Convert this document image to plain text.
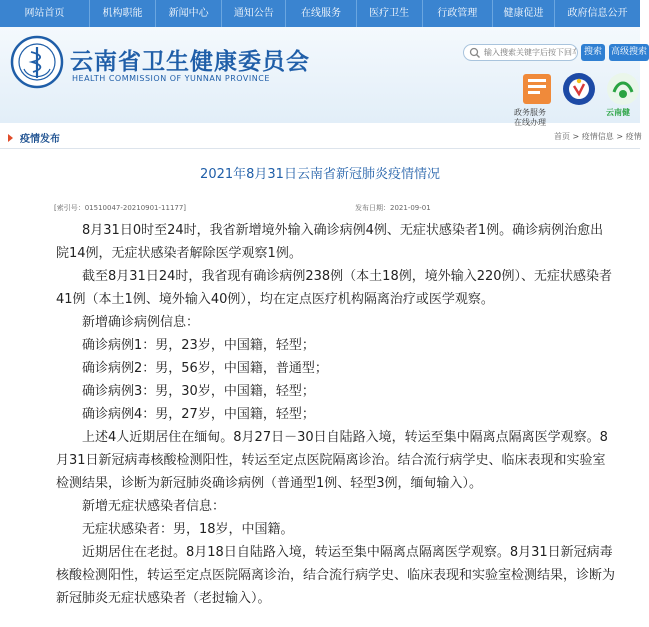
网站首页	机构职能	新闻中心	通知公告	在线服务	医疗卫生	行政管理	健康促进	政府信息公开
云南省卫生健康委员会
HEALTH COMMISSION OF YUNNAN PROVINCE
输入搜索关键字后按下回车
搜索 高级搜索
政务服务
在线办理
云南健
疫情发布	首页 > 疫情信息 > 疫情
2021年8月31日云南省新冠肺炎疫情情况
[索引号：01510047-20210901-11177]	发布日期：2021-09-01

8月31日0时至24时，我省新增境外输入确诊病例4例、无症状感染者1例。确诊病例治愈出院14例，无症状感染者解除医学观察1例。

截至8月31日24时，我省现有确诊病例238例（本土18例，境外输入220例）、无症状感染者41例（本土1例、境外输入40例），均在定点医疗机构隔离治疗或医学观察。

新增确诊病例信息：

确诊病例1：男，23岁，中国籍，轻型；

确诊病例2：男，56岁，中国籍，普通型；

确诊病例3：男，30岁，中国籍，轻型；

确诊病例4：男，27岁，中国籍，轻型；

上述4人近期居住在缅甸。8月27日－30日自陆路入境，转运至集中隔离点隔离医学观察。8月31日新冠病毒核酸检测阳性，转运至定点医院隔离诊治。结合流行病学史、临床表现和实验室检测结果，诊断为新冠肺炎确诊病例（普通型1例、轻型3例，缅甸输入）。

新增无症状感染者信息：

无症状感染者：男，18岁，中国籍。

近期居住在老挝。8月18日自陆路入境，转运至集中隔离点隔离医学观察。8月31日新冠病毒核酸检测阳性，转运至定点医院隔离诊治，结合流行病学史、临床表现和实验室检测结果，诊断为新冠肺炎无症状感染者（老挝输入）。
